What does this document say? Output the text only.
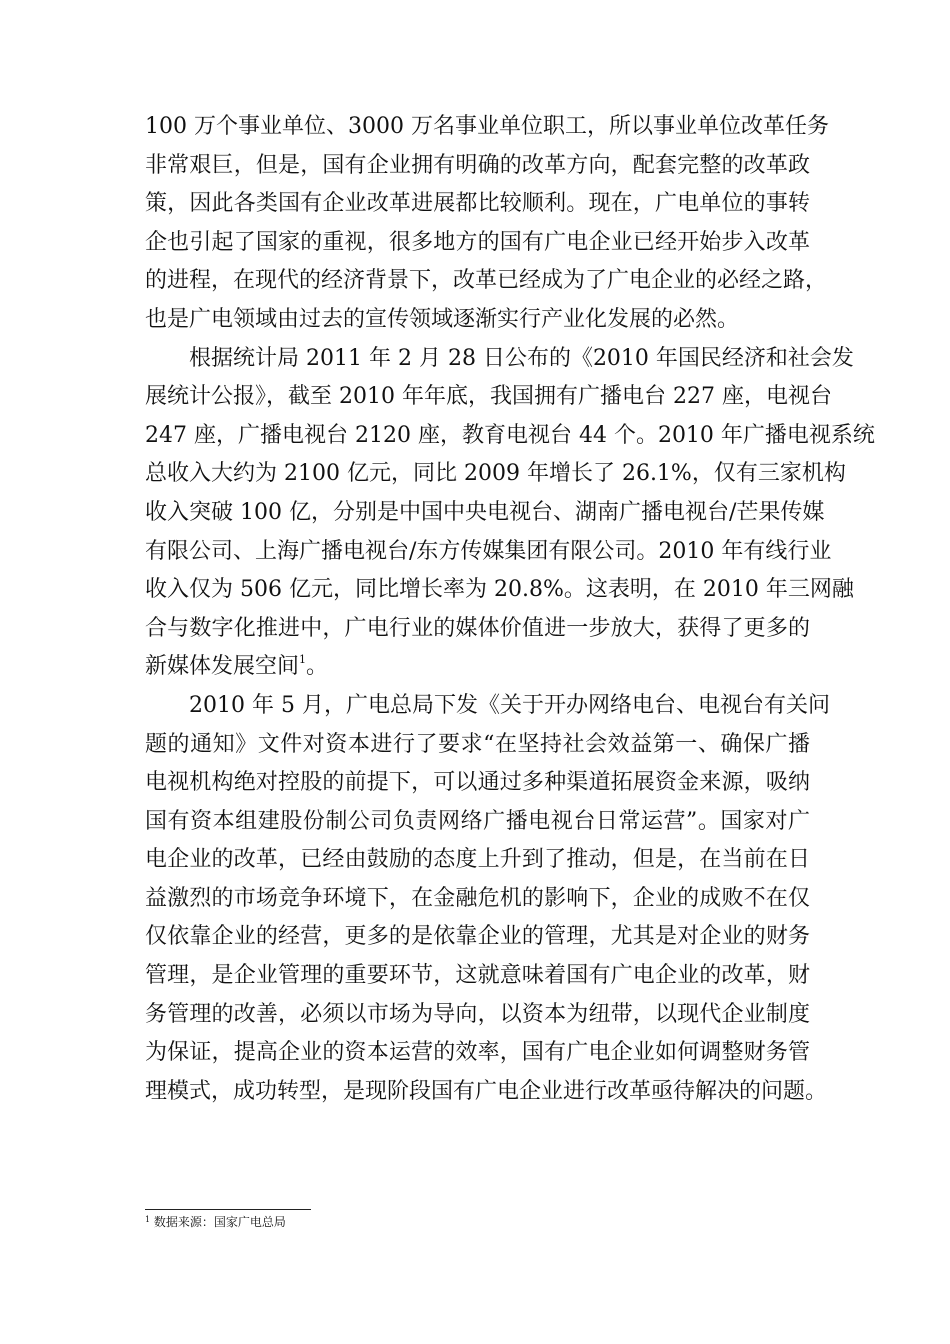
100 万个事业单位、3000 万名事业单位职工，所以事业单位改革任务
非常艰巨，但是，国有企业拥有明确的改革方向，配套完整的改革政
策，因此各类国有企业改革进展都比较顺利。现在，广电单位的事转
企也引起了国家的重视，很多地方的国有广电企业已经开始步入改革
的进程，在现代的经济背景下，改革已经成为了广电企业的必经之路，
也是广电领域由过去的宣传领域逐渐实行产业化发展的必然。
根据统计局 2011 年 2 月 28 日公布的《2010 年国民经济和社会发
展统计公报》，截至 2010 年年底，我国拥有广播电台 227 座，电视台
247 座，广播电视台 2120 座，教育电视台 44 个。2010 年广播电视系统
总收入大约为 2100 亿元，同比 2009 年增长了 26.1%，仅有三家机构
收入突破 100 亿，分别是中国中央电视台、湖南广播电视台/芒果传媒
有限公司、上海广播电视台/东方传媒集团有限公司。2010 年有线行业
收入仅为 506 亿元，同比增长率为 20.8%。这表明，在 2010 年三网融
合与数字化推进中，广电行业的媒体价值进一步放大，获得了更多的
新媒体发展空间$^1$。
2010 年 5 月，广电总局下发《关于开办网络电台、电视台有关问
题的通知》文件对资本进行了要求“在坚持社会效益第一、确保广播
电视机构绝对控股的前提下，可以通过多种渠道拓展资金来源，吸纳
国有资本组建股份制公司负责网络广播电视台日常运营”。国家对广
电企业的改革，已经由鼓励的态度上升到了推动，但是，在当前在日
益激烈的市场竞争环境下，在金融危机的影响下，企业的成败不在仅
仅依靠企业的经营，更多的是依靠企业的管理，尤其是对企业的财务
管理，是企业管理的重要环节，这就意味着国有广电企业的改革，财
务管理的改善，必须以市场为导向，以资本为纽带，以现代企业制度
为保证，提高企业的资本运营的效率，国有广电企业如何调整财务管
理模式，成功转型，是现阶段国有广电企业进行改革亟待解决的问题。
$^1$ 数据来源：国家广电总局
